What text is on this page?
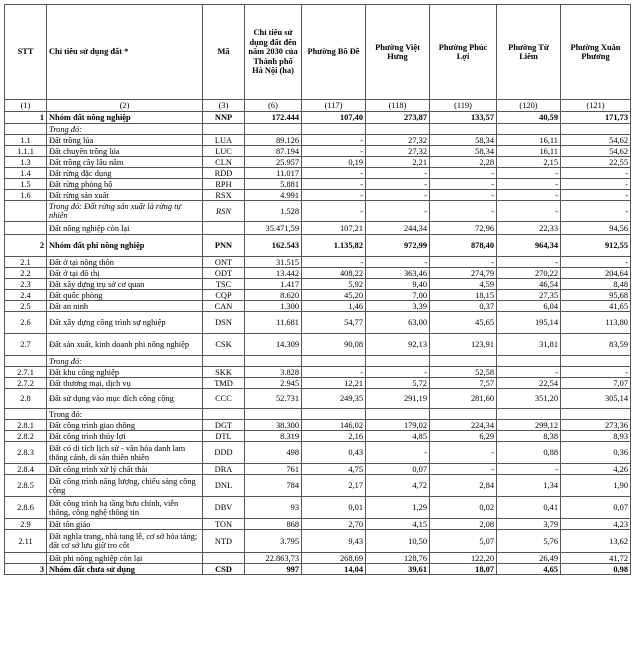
STT	Chỉ tiêu sử dụng đất *	Mã	Chỉ tiêu sử dụng đất đến năm 2030 của Thành phố Hà Nội (ha)	Phường Bồ Đề	Phường Việt Hưng	Phường Phúc Lợi	Phường Từ Liêm	Phường Xuân Phương
(1)	(2)	(3)	(6)	(117)	(118)	(119)	(120)	(121)
1	Nhóm đất nông nghiệp	NNP	172.444	107,40	273,87	133,57	40,59	171,73
	Trong đó:							
1.1	Đất trồng lúa	LUA	89.126	-	27,32	58,34	16,11	54,62
1.1.1	Đất chuyên trồng lúa	LUC	87.194	-	27,32	58,34	16,11	54,62
1.3	Đất trồng cây lâu năm	CLN	25.957	0,19	2,21	2,28	2,15	22,55
1.4	Đất rừng đặc dụng	RDD	11.017	-	-	-	-	-
1.5	Đất rừng phòng hộ	RPH	5.881	-	-	-	-	-
1.6	Đất rừng sản xuất	RSX	4.991	-	-	-	-	-
	Trong đó: Đất rừng sản xuất là rừng tự nhiên	RSN	1.528	-	-	-	-	-
	Đất nông nghiệp còn lại		35.471,59	107,21	244,34	72,96	22,33	94,56
2	Nhóm đất phi nông nghiệp	PNN	162.543	1.135,82	972,99	878,40	964,34	912,55
2.1	Đất ở tại nông thôn	ONT	31.515	-	-	-	-	-
2.2	Đất ở tại đô thị	ODT	13.442	408,22	363,46	274,79	270,22	204,64
2.3	Đất xây dựng trụ sở cơ quan	TSC	1.417	5,92	9,40	4,59	46,54	8,48
2.4	Đất quốc phòng	CQP	8.620	45,20	7,00	18,15	27,35	95,68
2.5	Đất an ninh	CAN	1.300	1,46	3,39	0,37	6,04	41,65
2.6	Đất xây dựng công trình sự nghiệp	DSN	11.681	54,77	63,00	45,65	195,14	113,80
2.7	Đất sản xuất, kinh doanh phi nông nghiệp	CSK	14.309	90,08	92,13	123,91	31,81	83,59
	Trong đó:							
2.7.1	Đất khu công nghiệp	SKK	3.828	-	-	52,58	-	-
2.7.2	Đất thương mại, dịch vụ	TMD	2.945	12,21	5,72	7,57	22,54	7,07
2.8	Đất sử dụng vào mục đích công cộng	CCC	52.731	249,35	291,19	281,60	351,20	305,14
	Trong đó:							
2.8.1	Đất công trình giao thông	DGT	38.300	146,02	179,02	224,34	299,12	273,36
2.8.2	Đất công trình thủy lợi	DTL	8.319	2,16	4,85	6,29	8,38	8,93
2.8.3	Đất có di tích lịch sử - văn hóa danh lam thắng cảnh, di sản thiên nhiên	DDD	498	0,43	-	-	0,88	0,36
2.8.4	Đất công trình xử lý chất thải	DRA	761	4,75	0,07	-	-	4,26
2.8.5	Đất công trình năng lượng, chiếu sáng công cộng	DNL	784	2,17	4,72	2,84	1,34	1,90
2.8.6	Đất công trình hạ tầng bưu chính, viễn thông, công nghệ thông tin	DBV	93	0,01	1,29	0,02	0,41	0,07
2.9	Đất tôn giáo	TON	868	2,70	4,15	2,08	3,79	4,23
2.11	Đất nghĩa trang, nhà tang lễ, cơ sở hỏa táng; đất cơ sở lưu giữ tro cốt	NTD	3.795	9,43	10,50	5,07	5,76	13,62
	Đất phi nông nghiệp còn lại		22.863,73	268,69	128,76	122,20	26,49	41,72
3	Nhóm đất chưa sử dụng	CSD	997	14,04	39,61	18,07	4,65	0,98
